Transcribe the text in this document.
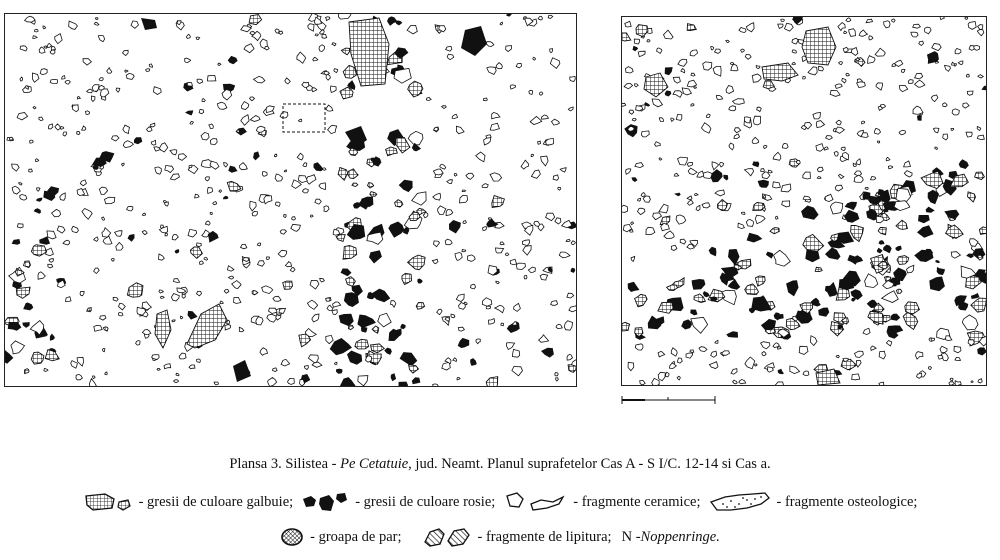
Plansa 3. Silistea - Pe Cetatuie, jud. Neamt. Planul suprafetelor Cas A - S I/C. 12-14 si Cas a.
- gresii de culoare galbuie;	- gresii de culoare rosie;	- fragmente ceramice;	- fragmente osteologice;
- groapa de par;	- fragmente de lipitura; N - Noppenringe.
